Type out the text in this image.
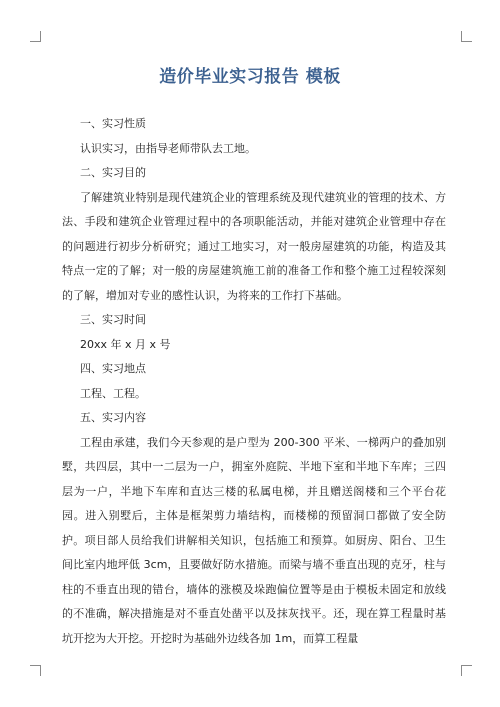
造价毕业实习报告 模板

一、实习性质

认识实习，由指导老师带队去工地。

二、实习目的

了解建筑业特别是现代建筑企业的管理系统及现代建筑业的管理的技术、方法、手段和建筑企业管理过程中的各项职能活动，并能对建筑企业管理中存在的问题进行初步分析研究；通过工地实习，对一般房屋建筑的功能，构造及其特点一定的了解；对一般的房屋建筑施工前的准备工作和整个施工过程较深刻的了解，增加对专业的感性认识，为将来的工作打下基础。

三、实习时间

20xx 年 x 月 x 号

四、实习地点

工程、工程。

五、实习内容

工程由承建，我们今天参观的是户型为 200-300 平米、一梯两户的叠加别墅，共四层，其中一二层为一户，拥室外庭院、半地下室和半地下车库；三四层为一户，半地下车库和直达三楼的私属电梯，并且赠送阁楼和三个平台花园。进入别墅后，主体是框架剪力墙结构，而楼梯的预留洞口都做了安全防护。项目部人员给我们讲解相关知识，包括施工和预算。如厨房、阳台、卫生间比室内地坪低 3cm，且要做好防水措施。而梁与墙不垂直出现的克牙，柱与柱的不垂直出现的错台，墙体的涨模及垛跑偏位置等是由于模板未固定和放线的不准确，解决措施是对不垂直处凿平以及抹灰找平。还，现在算工程量时基坑开挖为大开挖。开挖时为基础外边线各加 1m，而算工程量
